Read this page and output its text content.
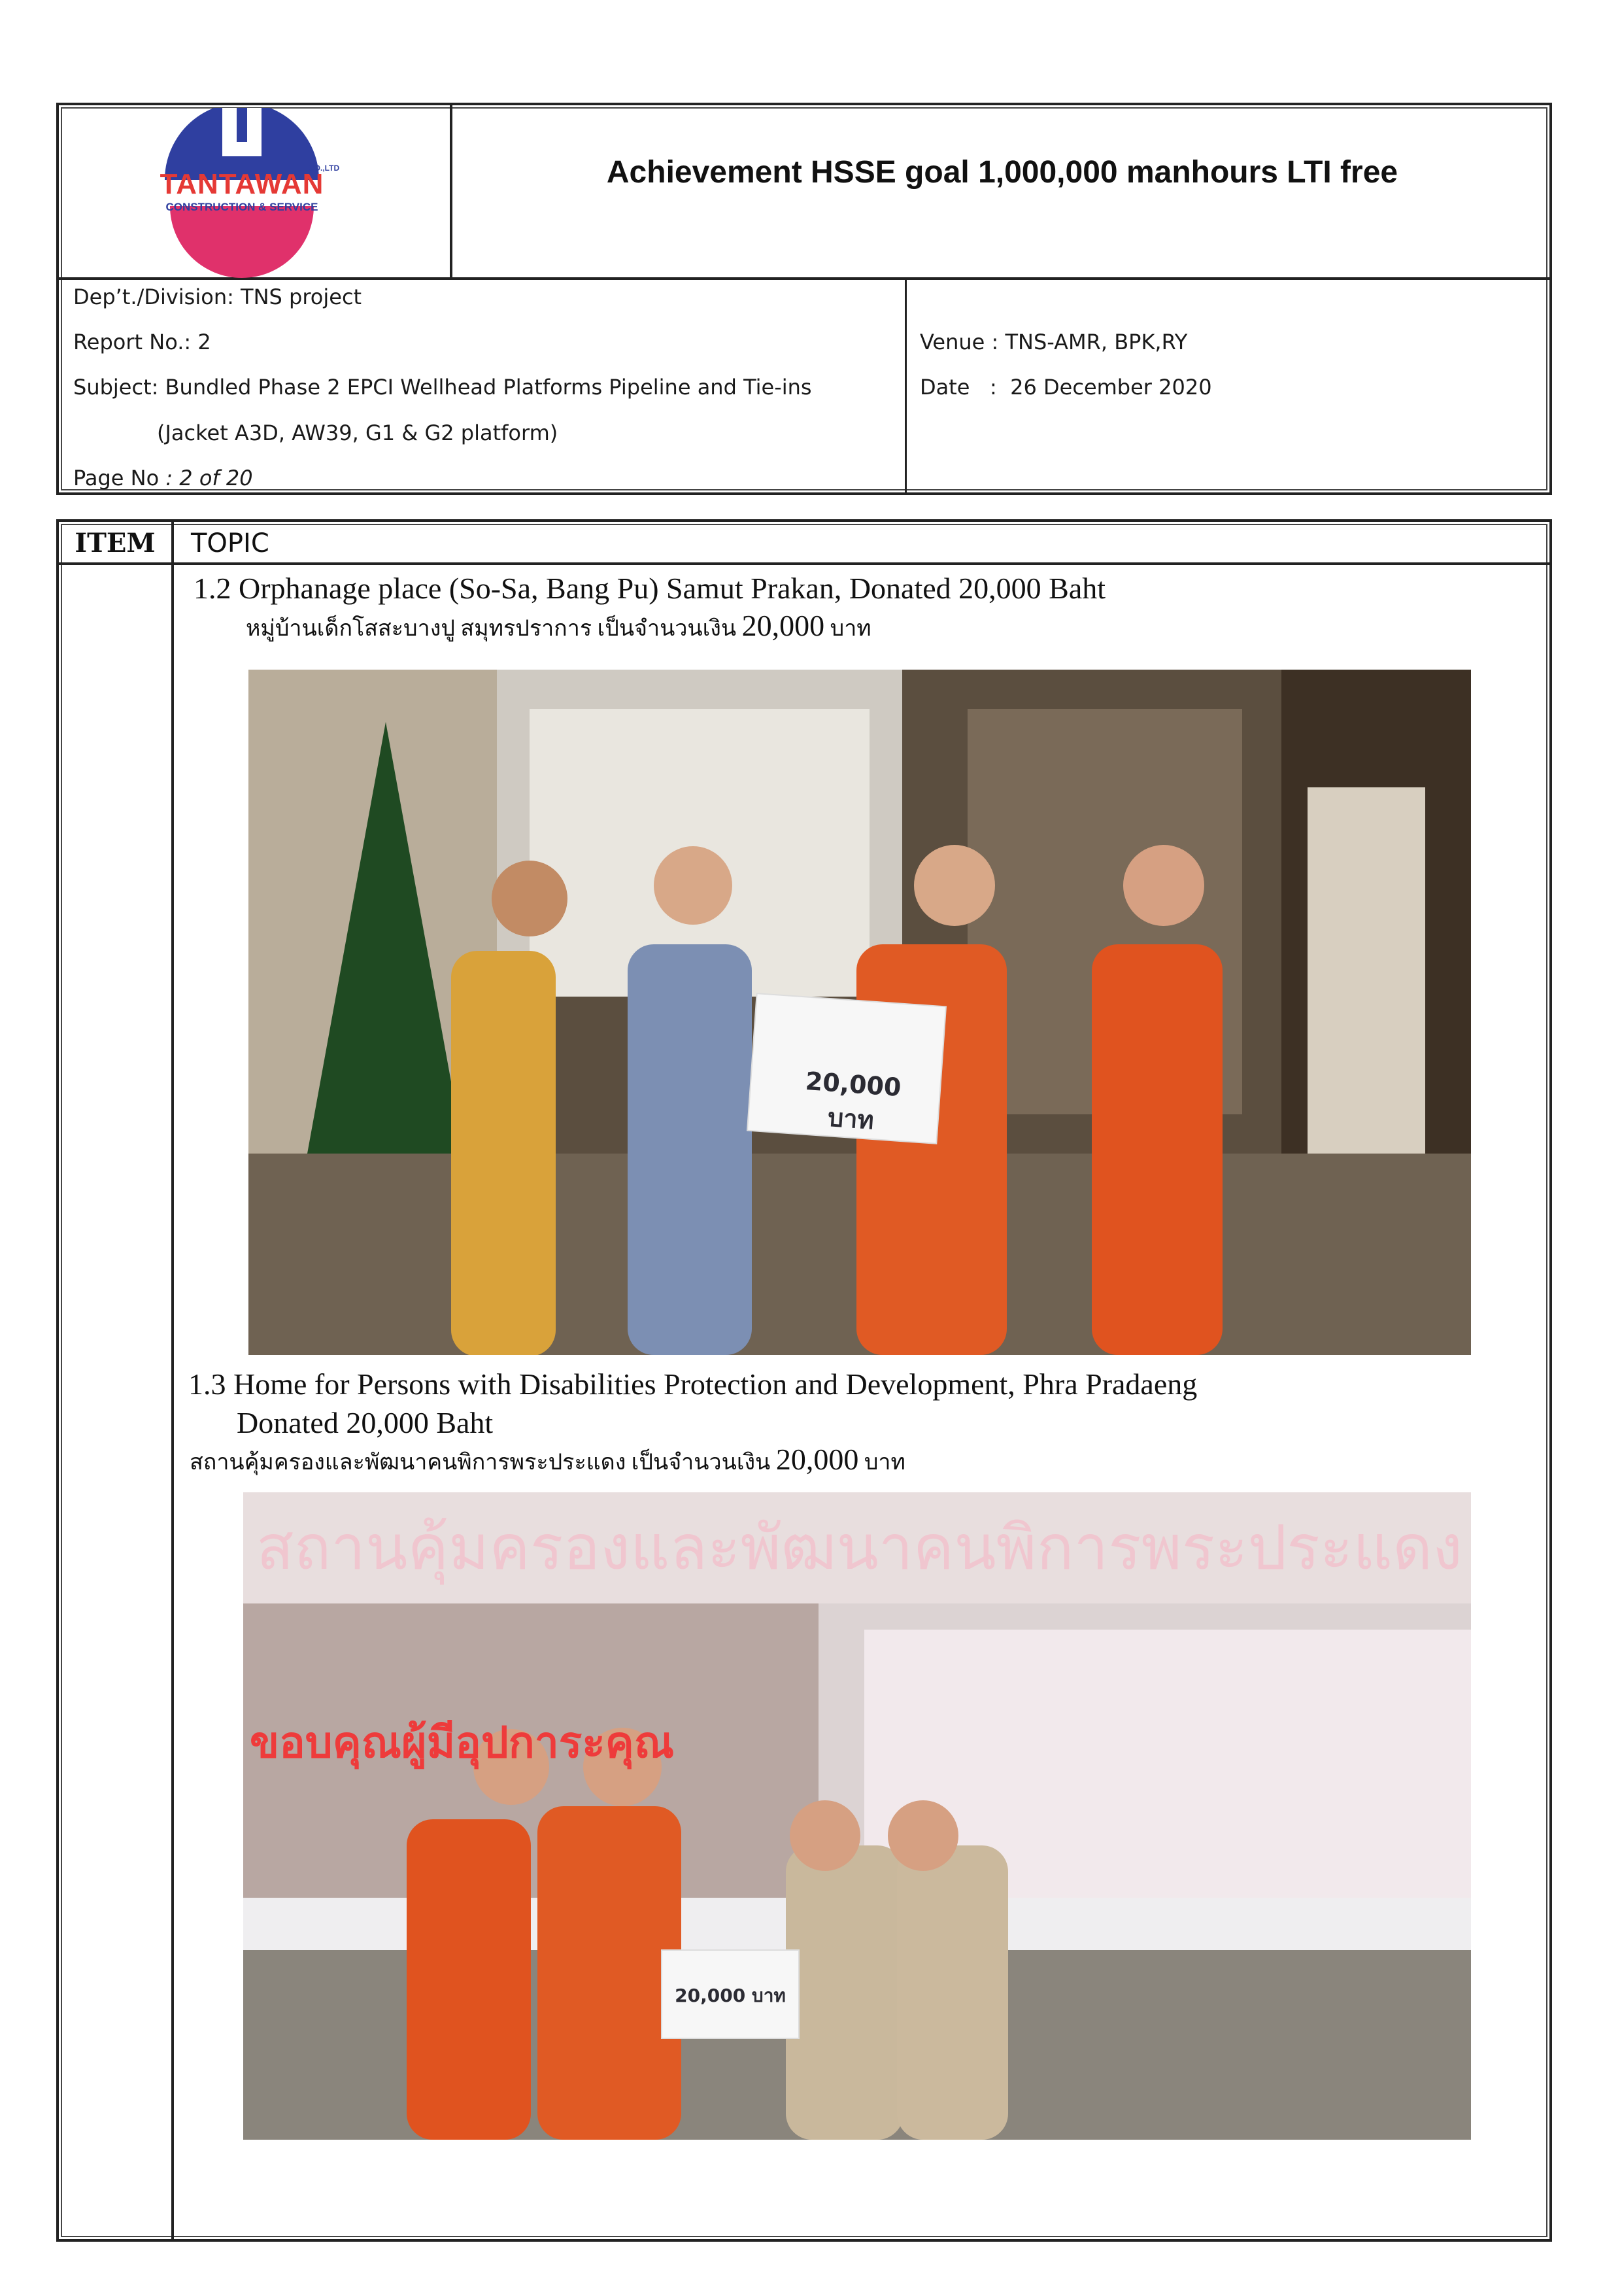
TANTAWAN
CO.,LTD
CONSTRUCTION & SERVICE
Achievement HSSE goal 1,000,000 manhours LTI free
Dep’t./Division: TNS project
Report No.: 2
Subject: Bundled Phase 2 EPCI Wellhead Platforms Pipeline and Tie-ins
(Jacket A3D, AW39, G1 & G2 platform)
Page No : 2 of 20
Venue : TNS-AMR, BPK,RY
Date   :  26 December 2020
ITEM	TOPIC
1.2 Orphanage place (So-Sa, Bang Pu) Samut Prakan, Donated 20,000 Baht
หมู่บ้านเด็กโสสะบางปู สมุทรปราการ เป็นจำนวนเงิน 20,000 บาท
20,000 บาท
1.3 Home for Persons with Disabilities Protection and Development, Phra Pradaeng
Donated 20,000 Baht
สถานคุ้มครองและพัฒนาคนพิการพระประแดง เป็นจำนวนเงิน 20,000 บาท
สถานคุ้มครองและพัฒนาคนพิการพระประแดง
ขอบคุณผู้มีอุปการะคุณ
20,000 บาท
